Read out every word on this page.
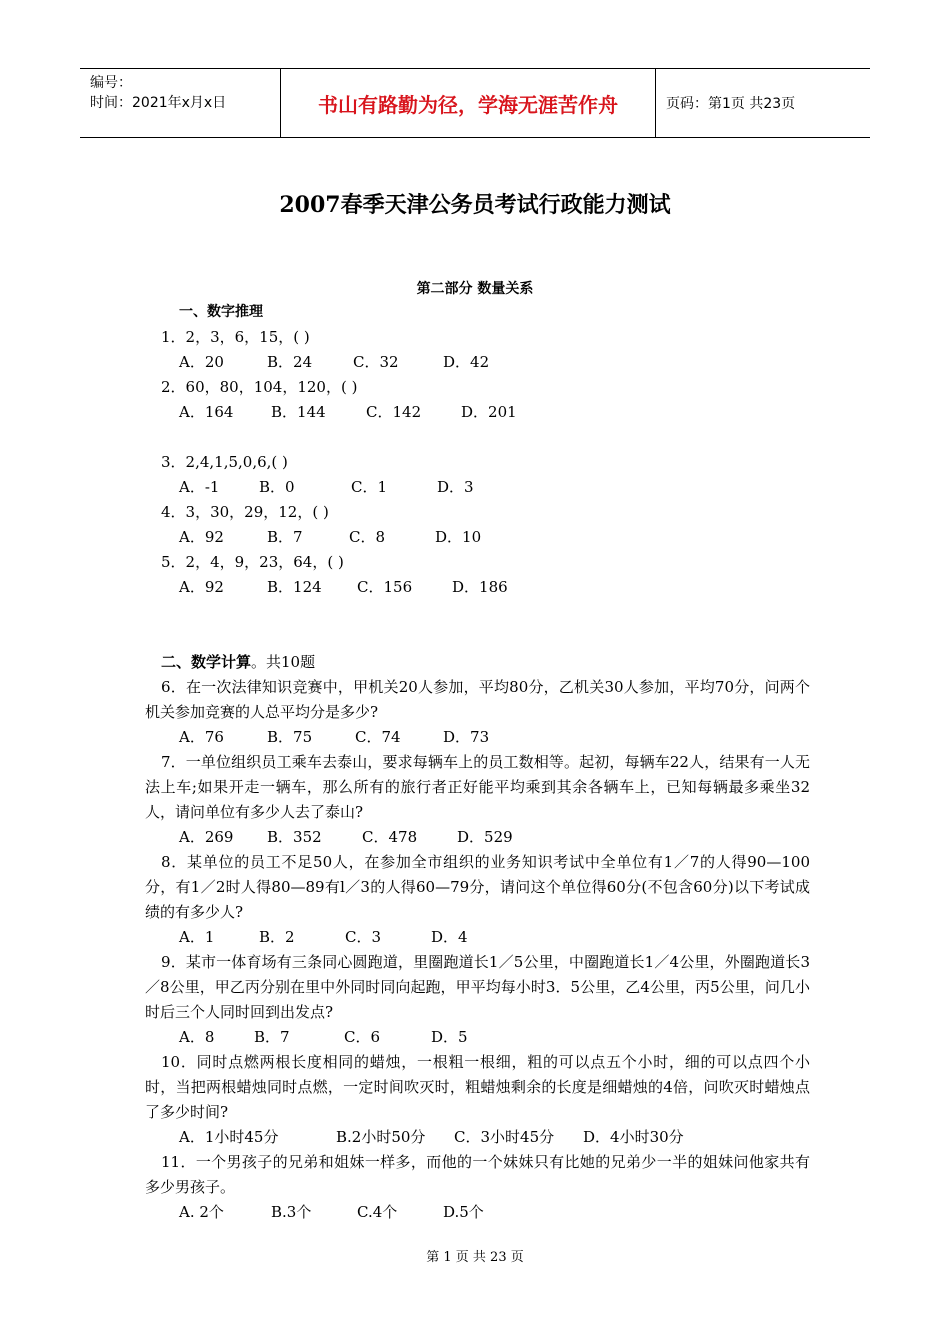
编号：
时间：2021年x月x日	书山有路勤为径，学海无涯苦作舟	页码：第1页 共23页
2007春季天津公务员考试行政能力测试
第二部分 数量关系
一、数字推理
1．2，3，6，15，( )
A．20	B．24	C．32	D．42
2．60，80，104，120，( )
A．164	B．144	C．142	D．201
3．2,4,1,5,0,6,( )
A．-1	B．0	C．1	D．3
4．3，30，29，12，( )
A．92	B．7	C．8	D．10
5．2，4，9，23，64，( )
A．92	B．124 C．156	D．186
二、数学计算。共10题
6．在一次法律知识竞赛中，甲机关20人参加，平均80分，乙机关30人参加，平均70分，问两个机关参加竞赛的人总平均分是多少?
A．76	B．75	C．74	D．73
7．一单位组织员工乘车去泰山，要求每辆车上的员工数相等。起初，每辆车22人，结果有一人无法上车;如果开走一辆车，那么所有的旅行者正好能平均乘到其余各辆车上，已知每辆最多乘坐32人，请问单位有多少人去了泰山?
A．269 B．352	C．478	D．529
8．某单位的员工不足50人，在参加全市组织的业务知识考试中全单位有1／7的人得90—100分，有1／2时人得80—89有l／3的人得60—79分，请问这个单位得60分(不包含60分)以下考试成绩的有多少人?
A．1	B．2	C．3	D．4
9．某市一体育场有三条同心圆跑道，里圈跑道长1／5公里，中圈跑道长1／4公里，外圈跑道长3／8公里，甲乙丙分别在里中外同时同向起跑，甲平均每小时3．5公里，乙4公里，丙5公里，问几小时后三个人同时回到出发点?
A．8	B．7	C．6	D．5
10．同时点燃两根长度相同的蜡烛，一根粗一根细，粗的可以点五个小时，细的可以点四个小时，当把两根蜡烛同时点燃，一定时间吹灭时，粗蜡烛剩余的长度是细蜡烛的4倍，问吹灭时蜡烛点了多少时间?
A．1小时45分	B.2小时50分 C．3小时45分 D．4小时30分
11．一个男孩子的兄弟和姐妹一样多，而他的一个妹妹只有比她的兄弟少一半的姐妹问他家共有多少男孩子。
A. 2个	B.3个	C.4个	D.5个
第 1 页 共 23 页
